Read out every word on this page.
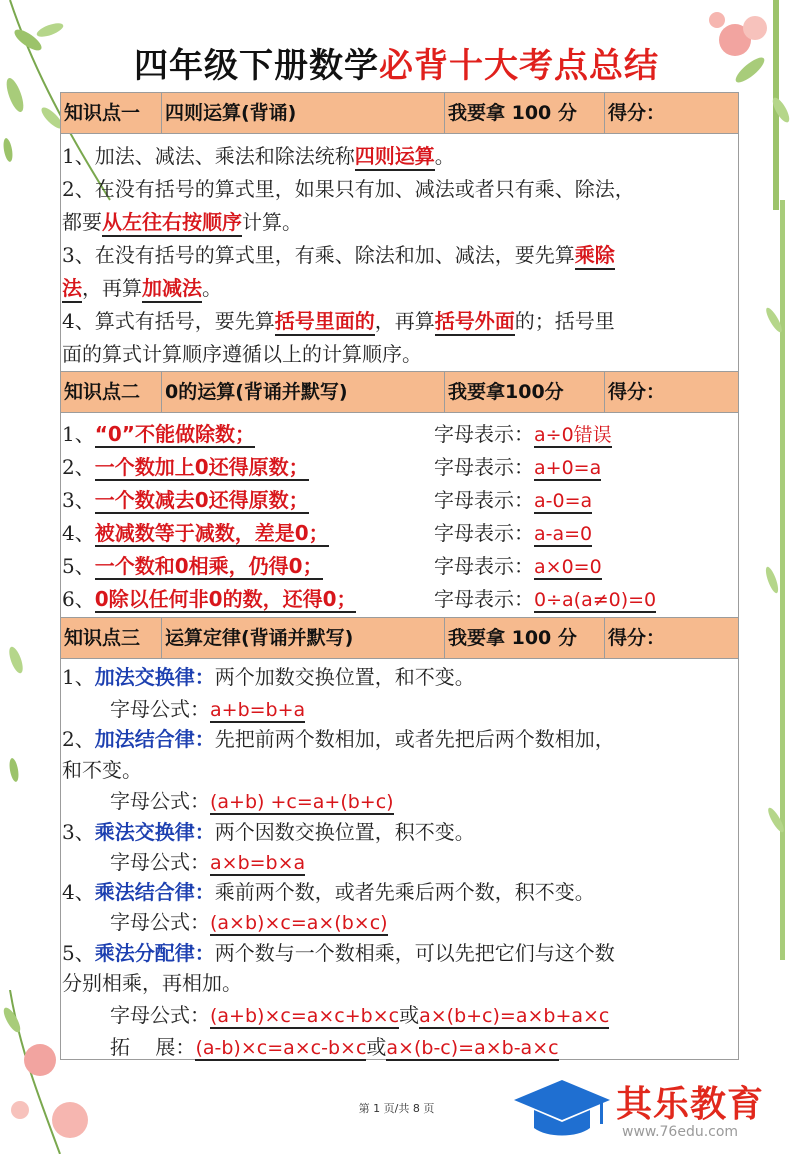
四年级下册数学必背十大考点总结
知识点一	四则运算(背诵)	我要拿 100 分	得分：
1、加法、减法、乘法和除法统称四则运算。
2、在没有括号的算式里，如果只有加、减法或者只有乘、除法，
都要从左往右按顺序计算。
3、在没有括号的算式里，有乘、除法和加、减法，要先算乘除
法，再算加减法。
4、算式有括号，要先算括号里面的，再算括号外面的；括号里
面的算式计算顺序遵循以上的计算顺序。
知识点二	0的运算(背诵并默写)	我要拿100分	得分：
1、“0”不能做除数；	字母表示：a÷0错误
2、一个数加上0还得原数；	字母表示：a+0=a
3、一个数减去0还得原数；	字母表示：a-0=a
4、被减数等于减数，差是0；	字母表示：a-a=0
5、一个数和0相乘，仍得0；	字母表示：a×0=0
6、0除以任何非0的数，还得0；	字母表示：0÷a(a≠0)=0
知识点三	运算定律(背诵并默写)	我要拿 100 分	得分：
1、加法交换律：两个加数交换位置，和不变。
字母公式：a+b=b+a
2、加法结合律：先把前两个数相加，或者先把后两个数相加，
和不变。
字母公式：(a+b) +c=a+(b+c)
3、乘法交换律：两个因数交换位置，积不变。
字母公式：a×b=b×a
4、乘法结合律：乘前两个数，或者先乘后两个数，积不变。
字母公式：(a×b)×c=a×(b×c)
5、乘法分配律：两个数与一个数相乘，可以先把它们与这个数
分别相乘，再相加。
字母公式：(a+b)×c=a×c+b×c或a×(b+c)=a×b+a×c
拓    展：(a-b)×c=a×c-b×c或a×(b-c)=a×b-a×c
第 1 页/共 8 页	其乐教育
www.76edu.com
